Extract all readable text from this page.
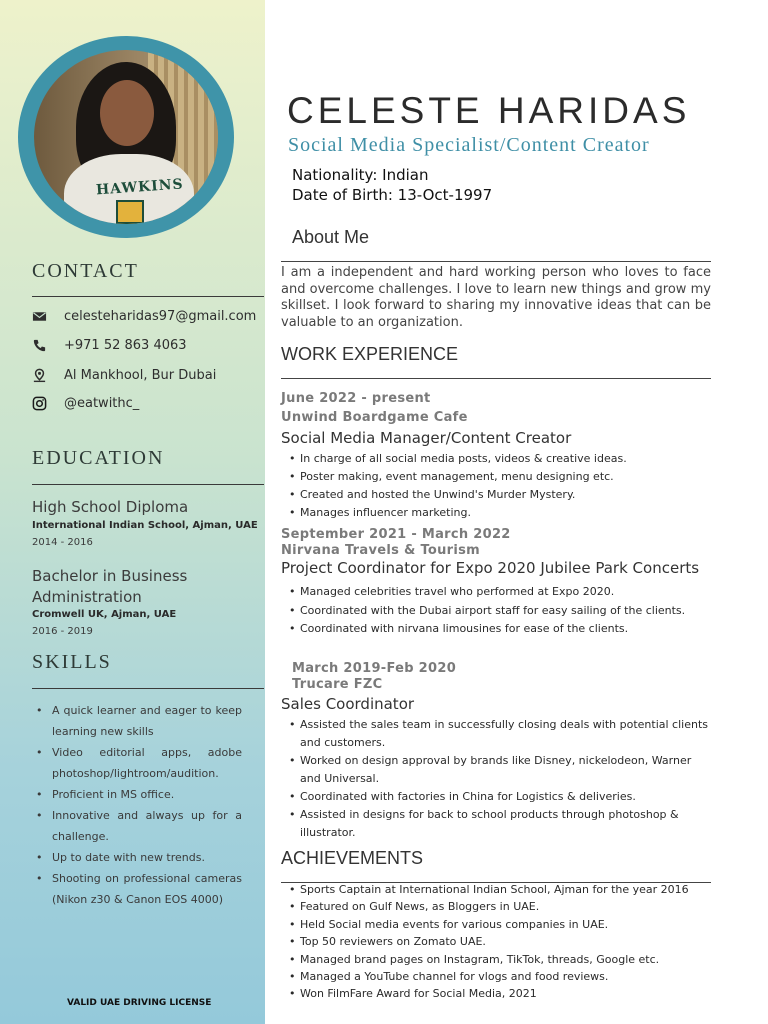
HAWKINS
CONTACT
celesteharidas97@gmail.com
+971 52 863 4063
Al Mankhool, Bur Dubai
@eatwithc_
EDUCATION
High School Diploma
International Indian School, Ajman, UAE
2014 - 2016
Bachelor in Business Administration
Cromwell UK, Ajman, UAE
2016 - 2019
SKILLS
• A quick learner and eager to keep learning new skills
• Video editorial apps, adobe photoshop/lightroom/audition.
• Proficient in MS office.
• Innovative and always up for a challenge.
• Up to date with new trends.
• Shooting on professional cameras (Nikon z30 & Canon EOS 4000)
VALID UAE DRIVING LICENSE
CELESTE HARIDAS
Social Media Specialist/Content Creator
Nationality: Indian
Date of Birth: 13-Oct-1997
About Me
I am a independent and hard working person who loves to face and overcome challenges. I love to learn new things and grow my skillset. I look forward to sharing my innovative ideas that can be valuable to an organization.
WORK EXPERIENCE
June 2022 - present
Unwind Boardgame Cafe
Social Media Manager/Content Creator
• In charge of all social media posts, videos & creative ideas.
• Poster making, event management, menu designing etc.
• Created and hosted the Unwind's Murder Mystery.
• Manages influencer marketing.
September 2021 - March 2022
Nirvana Travels & Tourism
Project Coordinator for Expo 2020 Jubilee Park Concerts
• Managed celebrities travel who performed at Expo 2020.
• Coordinated with the Dubai airport staff for easy sailing of the clients.
• Coordinated with nirvana limousines for ease of the clients.
March 2019-Feb 2020
Trucare FZC
Sales Coordinator
• Assisted the sales team in successfully closing deals with potential clients and customers.
• Worked on design approval by brands like Disney, nickelodeon, Warner and Universal.
• Coordinated with factories in China for Logistics & deliveries.
• Assisted in designs for back to school products through photoshop & illustrator.
ACHIEVEMENTS
• Sports Captain at International Indian School, Ajman for the year 2016
• Featured on Gulf News, as Bloggers in UAE.
• Held Social media events for various companies in UAE.
• Top 50 reviewers on Zomato UAE.
• Managed brand pages on Instagram, TikTok, threads, Google etc.
• Managed a YouTube channel for vlogs and food reviews.
• Won FilmFare Award for Social Media, 2021
